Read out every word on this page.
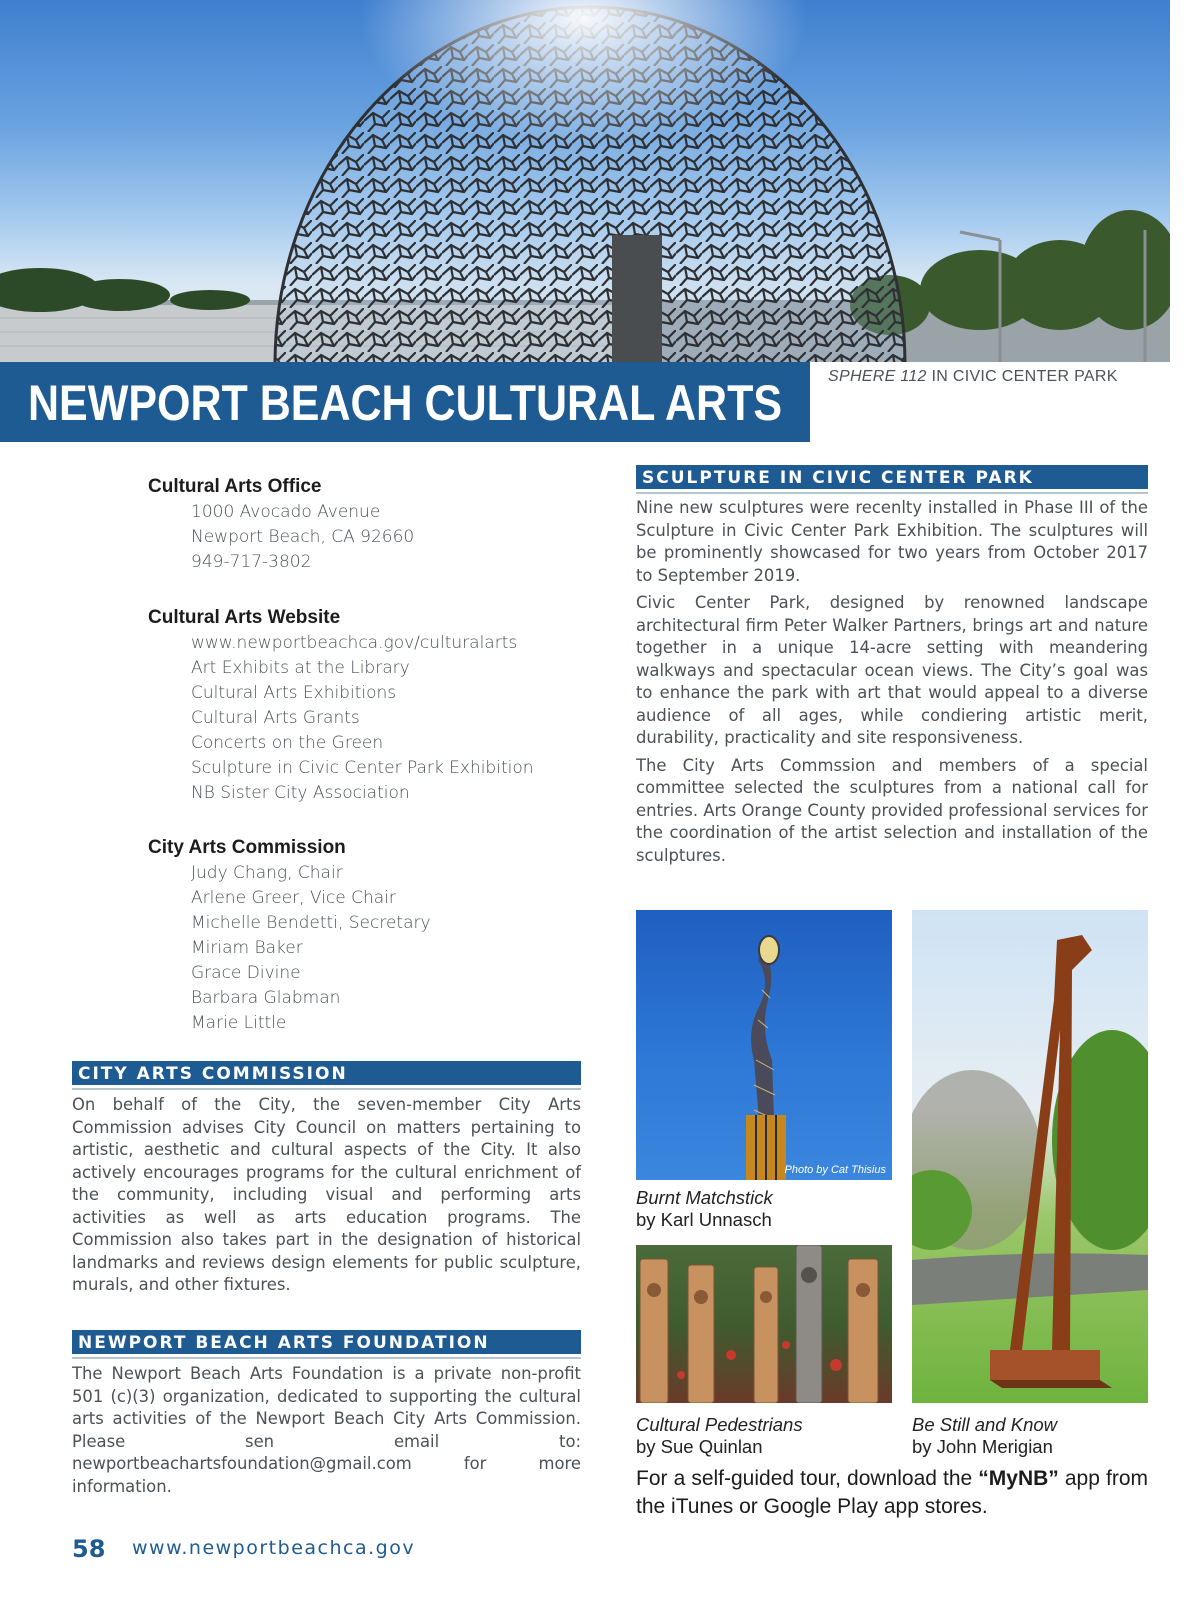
NEWPORT BEACH CULTURAL ARTS	SPHERE 112 IN CIVIC CENTER PARK
Cultural Arts Office
1000 Avocado Avenue
Newport Beach, CA 92660
949-717-3802
Cultural Arts Website
www.newportbeachca.gov/culturalarts
Art Exhibits at the Library
Cultural Arts Exhibitions
Cultural Arts Grants
Concerts on the Green
Sculpture in Civic Center Park Exhibition
NB Sister City Association
City Arts Commission
Judy Chang, Chair
Arlene Greer, Vice Chair
Michelle Bendetti, Secretary
Miriam Baker
Grace Divine
Barbara Glabman
Marie Little
CITY ARTS COMMISSION

On behalf of the City, the seven-member City Arts Commission advises City Council on matters pertaining to artistic, aesthetic and cultural aspects of the City. It also actively encourages programs for the cultural enrichment of the community, including visual and performing arts activities as well as arts education programs. The Commission also takes part in the designation of historical landmarks and reviews design elements for public sculpture, murals, and other fixtures.

NEWPORT BEACH ARTS FOUNDATION

The Newport Beach Arts Foundation is a private non-profit 501 (c)(3) organization, dedicated to supporting the cultural arts activities of the Newport Beach City Arts Commission. Please sen email to: newportbeachartsfoundation@gmail.com for more information.

SCULPTURE IN CIVIC CENTER PARK

Nine new sculptures were recenlty installed in Phase III of the Sculpture in Civic Center Park Exhibition. The sculptures will be prominently showcased for two years from October 2017 to September 2019.

Civic Center Park, designed by renowned landscape architectural firm Peter Walker Partners, brings art and nature together in a unique 14-acre setting with meandering walkways and spectacular ocean views. The City’s goal was to enhance the park with art that would appeal to a diverse audience of all ages, while condiering artistic merit, durability, practicality and site responsiveness.

The City Arts Commssion and members of a special committee selected the sculptures from a national call for entries. Arts Orange County provided professional services for the coordination of the artist selection and installation of the sculptures.

Photo by Cat Thisius
Burnt Matchstick
by Karl Unnasch
Cultural Pedestrians
by Sue Quinlan
Be Still and Know
by John Merigian
For a self-guided tour, download the “MyNB” app from the iTunes or Google Play app stores.
58 www.newportbeachca.gov
